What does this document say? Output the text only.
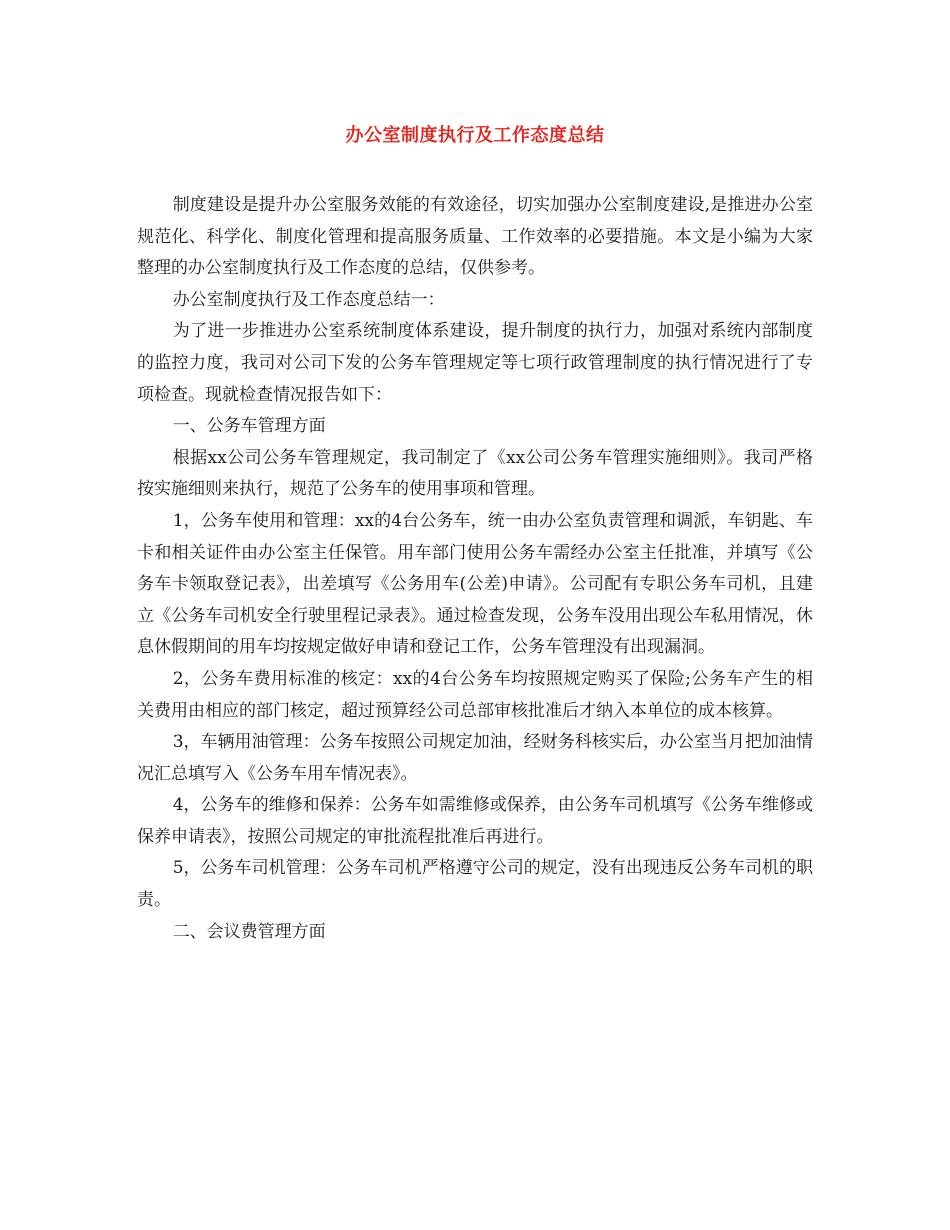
办公室制度执行及工作态度总结

制度建设是提升办公室服务效能的有效途径，切实加强办公室制度建设,是推进办公室规范化、科学化、制度化管理和提高服务质量、工作效率的必要措施。本文是小编为大家整理的办公室制度执行及工作态度的总结，仅供参考。

办公室制度执行及工作态度总结一：

为了进一步推进办公室系统制度体系建设，提升制度的执行力，加强对系统内部制度的监控力度，我司对公司下发的公务车管理规定等七项行政管理制度的执行情况进行了专项检查。现就检查情况报告如下：

一、公务车管理方面

根据xx公司公务车管理规定，我司制定了《xx公司公务车管理实施细则》。我司严格按实施细则来执行，规范了公务车的使用事项和管理。

1，公务车使用和管理：xx的4台公务车，统一由办公室负责管理和调派，车钥匙、车卡和相关证件由办公室主任保管。用车部门使用公务车需经办公室主任批准，并填写《公务车卡领取登记表》，出差填写《公务用车(公差)申请》。公司配有专职公务车司机，且建立《公务车司机安全行驶里程记录表》。通过检查发现，公务车没用出现公车私用情况，休息休假期间的用车均按规定做好申请和登记工作，公务车管理没有出现漏洞。

2，公务车费用标准的核定：xx的4台公务车均按照规定购买了保险;公务车产生的相关费用由相应的部门核定，超过预算经公司总部审核批准后才纳入本单位的成本核算。

3，车辆用油管理：公务车按照公司规定加油，经财务科核实后，办公室当月把加油情况汇总填写入《公务车用车情况表》。

4，公务车的维修和保养：公务车如需维修或保养，由公务车司机填写《公务车维修或保养申请表》，按照公司规定的审批流程批准后再进行。

5，公务车司机管理：公务车司机严格遵守公司的规定，没有出现违反公务车司机的职责。

二、会议费管理方面
